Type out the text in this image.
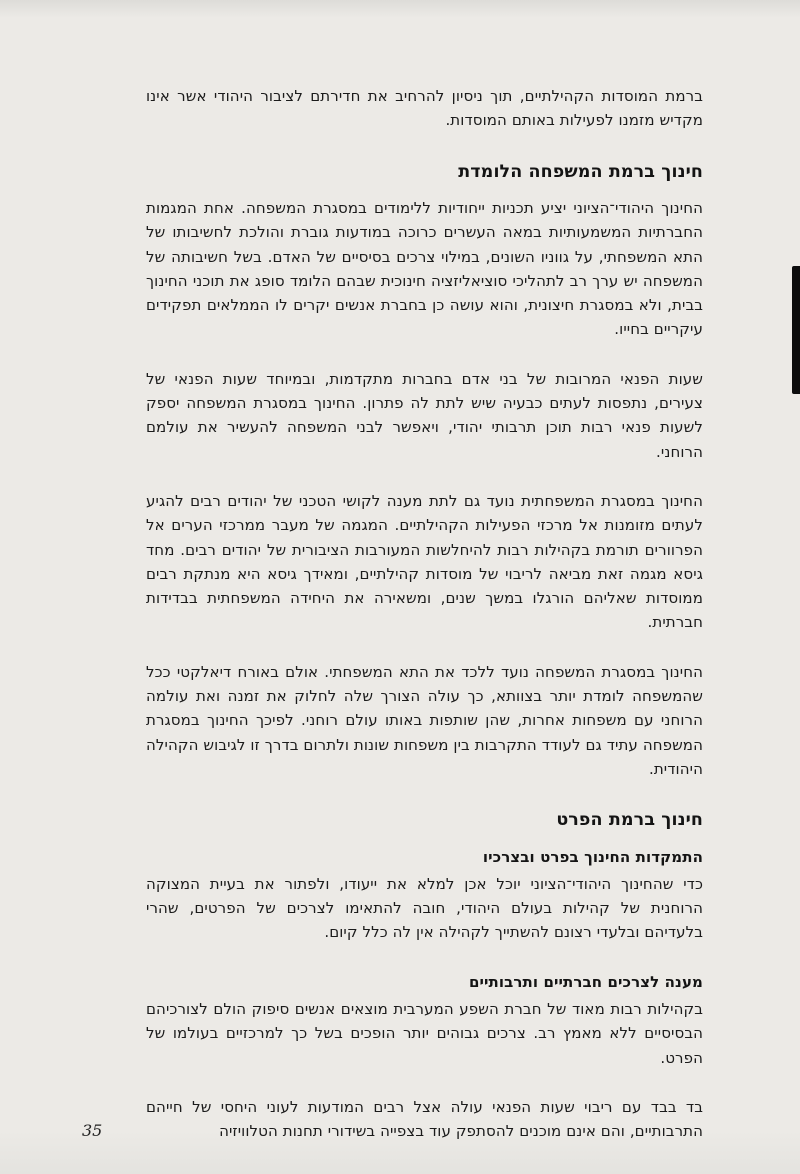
ברמת המוסדות הקהילתיים, תוך ניסיון להרחיב את חדירתם לציבור היהודי אשר אינו מקדיש מזמנו לפעילות באותם המוסדות.

חינוך ברמת המשפחה הלומדת

החינוך היהודי־הציוני יציע תכניות ייחודיות ללימודים במסגרת המשפחה. אחת המגמות החברתיות המשמעותיות במאה העשרים כרוכה במודעות גוברת והולכת לחשיבותו של התא המשפחתי, על גווניו השונים, במילוי צרכים בסיסיים של האדם. בשל חשיבותה של המשפחה יש ערך רב לתהליכי סוציאליזציה חינוכית שבהם הלומד סופג את תוכני החינוך בבית, ולא במסגרת חיצונית, והוא עושה כן בחברת אנשים יקרים לו הממלאים תפקידים עיקריים בחייו.

שעות הפנאי המרובות של בני אדם בחברות מתקדמות, ובמיוחד שעות הפנאי של צעירים, נתפסות לעתים כבעיה שיש לתת לה פתרון. החינוך במסגרת המשפחה יספק לשעות פנאי רבות תוכן תרבותי יהודי, ויאפשר לבני המשפחה להעשיר את עולמם הרוחני.

החינוך במסגרת המשפחתית נועד גם לתת מענה לקושי הטכני של יהודים רבים להגיע לעתים מזומנות אל מרכזי הפעילות הקהילתיים. המגמה של מעבר ממרכזי הערים אל הפרוורים תורמת בקהילות רבות להיחלשות המעורבות הציבורית של יהודים רבים. מחד גיסא מגמה זאת מביאה לריבוי של מוסדות קהילתיים, ומאידך גיסא היא מנתקת רבים ממוסדות שאליהם הורגלו במשך שנים, ומשאירה את היחידה המשפחתית בבדידות חברתית.

החינוך במסגרת המשפחה נועד ללכד את התא המשפחתי. אולם באורח דיאלקטי ככל שהמשפחה לומדת יותר בצוותא, כך עולה הצורך שלה לחלוק את זמנה ואת עולמה הרוחני עם משפחות אחרות, שהן שותפות באותו עולם רוחני. לפיכך החינוך במסגרת המשפחה עתיד גם לעודד התקרבות בין משפחות שונות ולתרום בדרך זו לגיבוש הקהילה היהודית.

חינוך ברמת הפרט
התמקדות החינוך בפרט ובצרכיו

כדי שהחינוך היהודי־הציוני יוכל אכן למלא את ייעודו, ולפתור את בעיית המצוקה הרוחנית של קהילות בעולם היהודי, חובה להתאימו לצרכים של הפרטים, שהרי בלעדיהם ובלעדי רצונם להשתייך לקהילה אין לה כלל קיום.

מענה לצרכים חברתיים ותרבותיים

בקהילות רבות מאוד של חברת השפע המערבית מוצאים אנשים סיפוק הולם לצורכיהם הבסיסיים ללא מאמץ רב. צרכים גבוהים יותר הופכים בשל כך למרכזיים בעולמו של הפרט.

בד בבד עם ריבוי שעות הפנאי עולה אצל רבים המודעות לעוני היחסי של חייהם התרבותיים, והם אינם מוכנים להסתפק עוד בצפייה בשידורי תחנות הטלוויזיה

35
